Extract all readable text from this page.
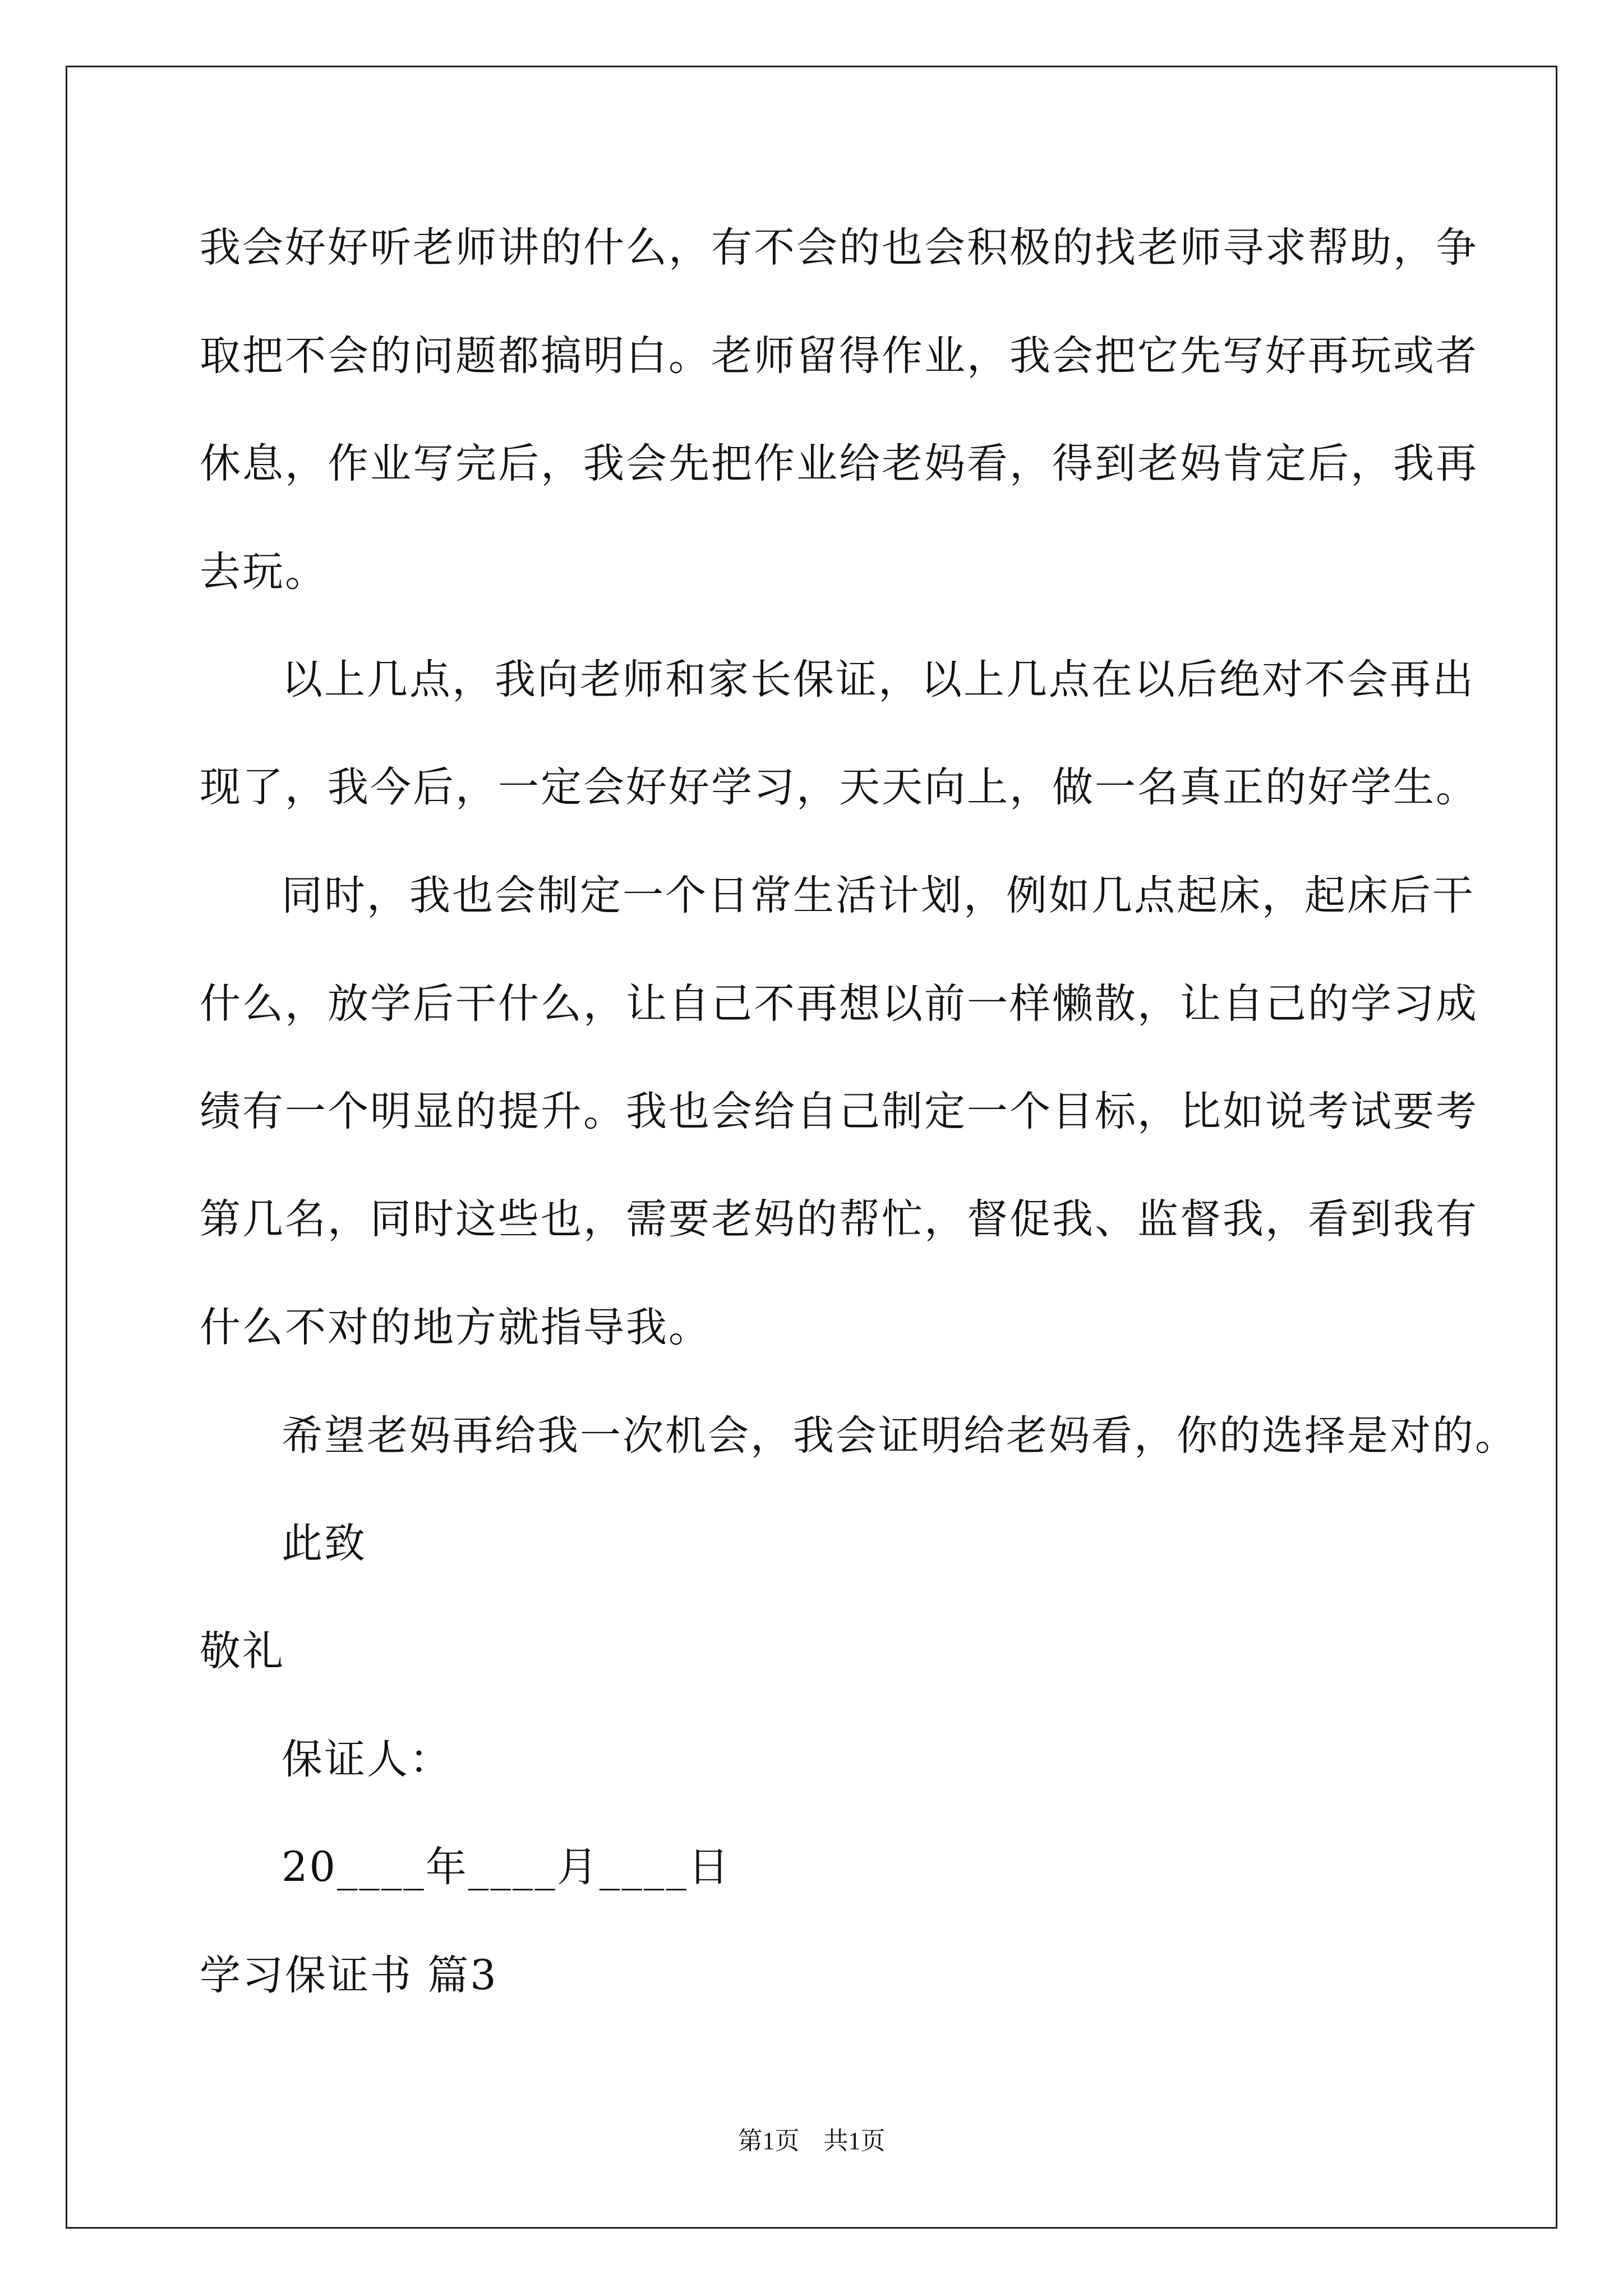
我会好好听老师讲的什么，有不会的也会积极的找老师寻求帮助，争
取把不会的问题都搞明白。老师留得作业，我会把它先写好再玩或者
休息，作业写完后，我会先把作业给老妈看，得到老妈肯定后，我再
去玩。
以上几点，我向老师和家长保证，以上几点在以后绝对不会再出
现了，我今后，一定会好好学习，天天向上，做一名真正的好学生。
同时，我也会制定一个日常生活计划，例如几点起床，起床后干
什么，放学后干什么，让自己不再想以前一样懒散，让自己的学习成
绩有一个明显的提升。我也会给自己制定一个目标，比如说考试要考
第几名，同时这些也，需要老妈的帮忙，督促我、监督我，看到我有
什么不对的地方就指导我。
希望老妈再给我一次机会，我会证明给老妈看，你的选择是对的。
此致
敬礼
保证人：
20____年____月____日
学习保证书 篇3
第1页 共1页
